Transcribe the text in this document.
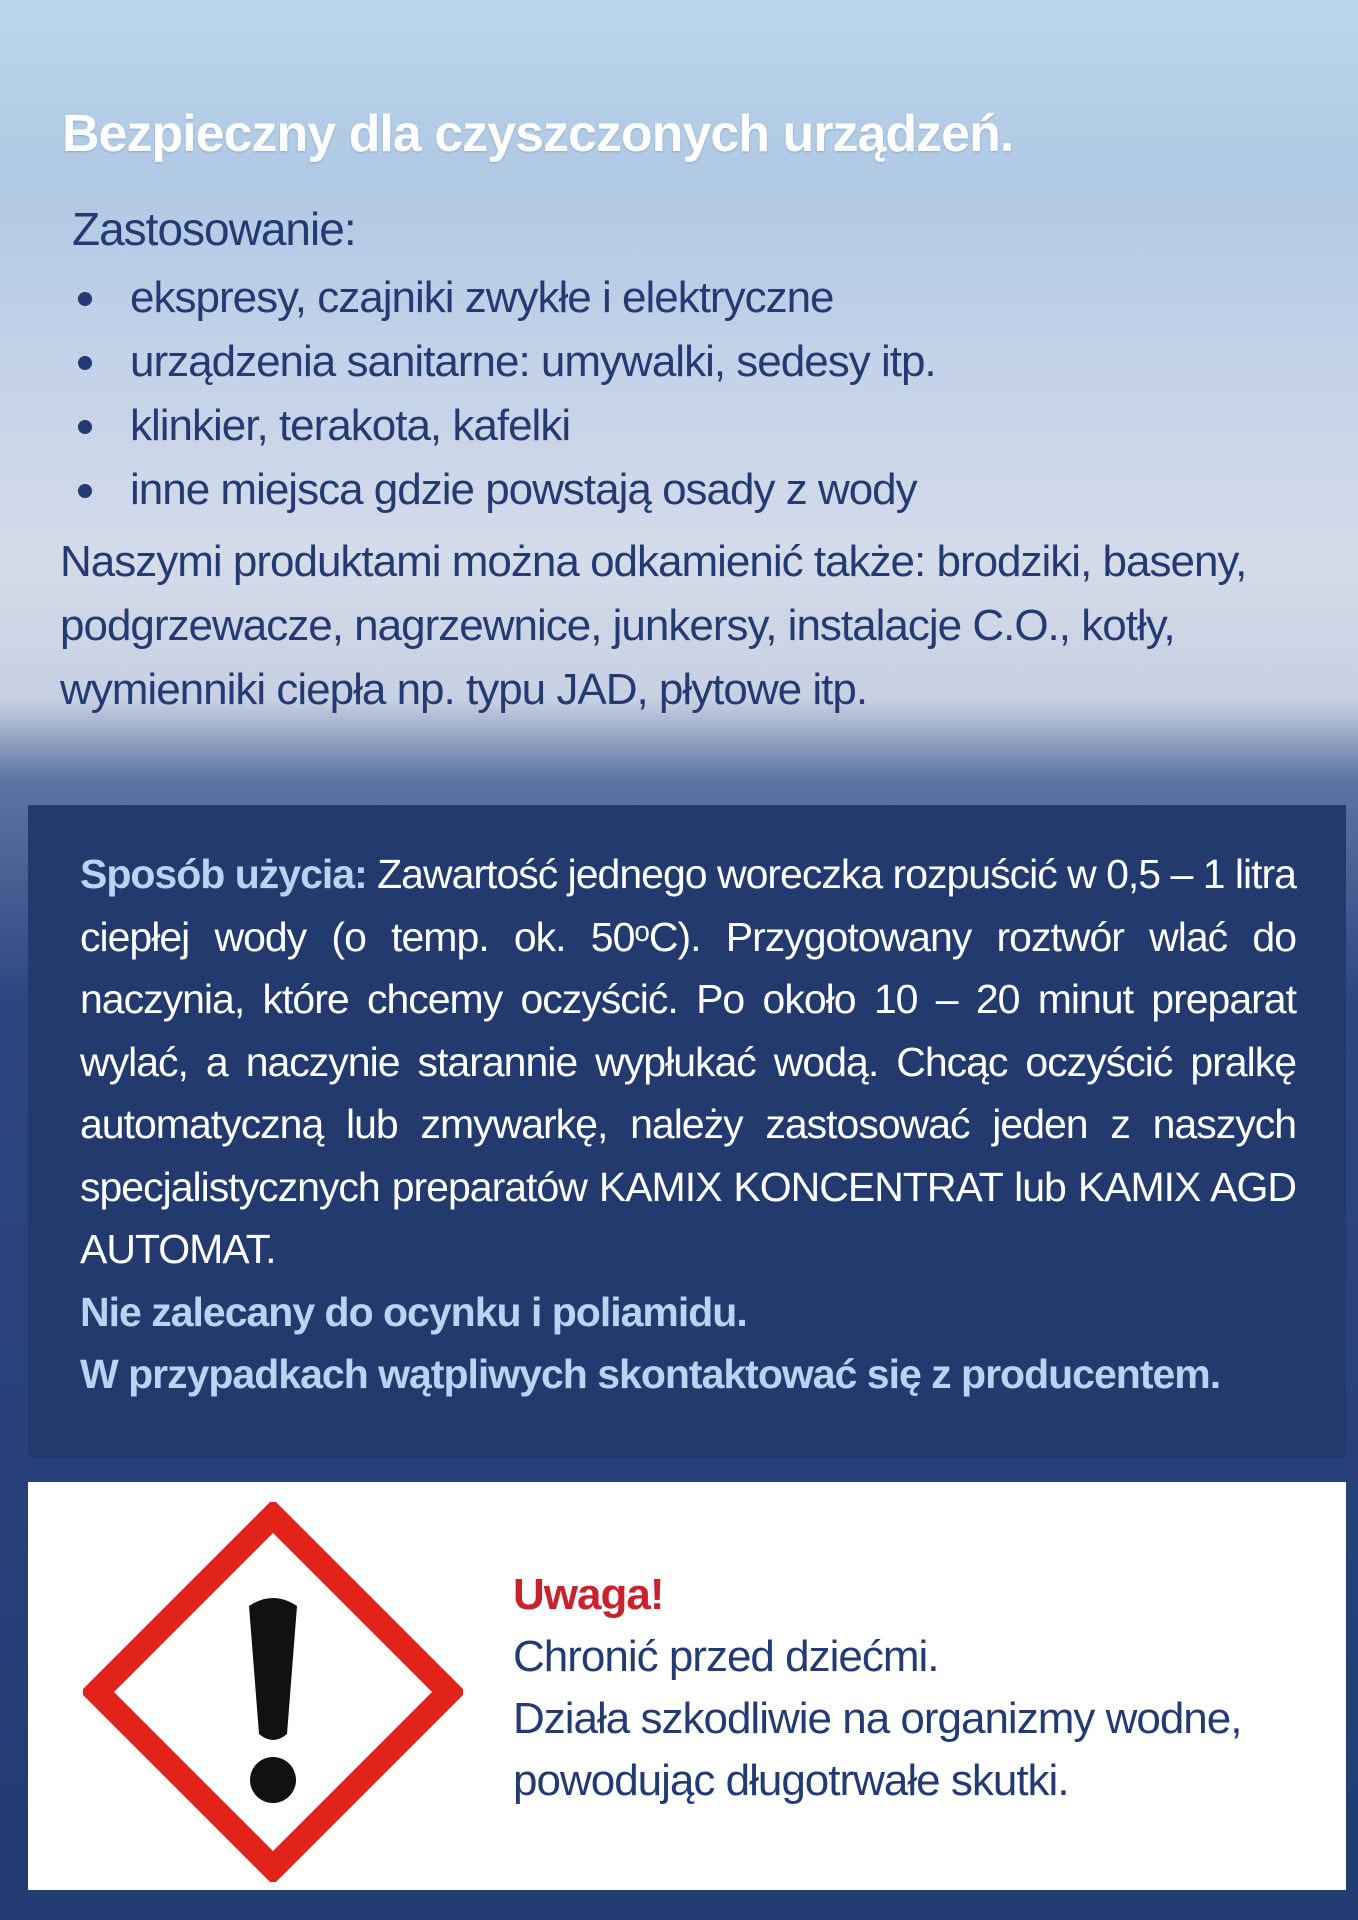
Bezpieczny dla czyszczonych urządzeń.
Zastosowanie:
ekspresy, czajniki zwykłe i elektryczne
urządzenia sanitarne: umywalki, sedesy itp.
klinkier, terakota, kafelki
inne miejsca gdzie powstają osady z wody
Naszymi produktami można odkamienić także: brodziki, baseny, podgrzewacze, nagrzewnice, junkersy, instalacje C.O., kotły, wymienniki ciepła np. typu JAD, płytowe itp.
Sposób użycia: Zawartość jednego woreczka rozpuścić w 0,5 – 1 litra ciepłej wody (o temp. ok. 50ᵒC). Przygotowany roztwór wlać do naczynia, które chcemy oczyścić. Po około 10 – 20 minut preparat wylać, a naczynie starannie wypłukać wodą. Chcąc oczyścić pralkę automatyczną lub zmywarkę, należy zastosować jeden z naszych specjalistycznych preparatów KAMIX KONCENTRAT lub KAMIX AGD AUTOMAT.
Nie zalecany do ocynku i poliamidu.
W przypadkach wątpliwych skontaktować się z producentem.
Uwaga!
Chronić przed dziećmi.
Działa szkodliwie na organizmy wodne,
powodując długotrwałe skutki.
